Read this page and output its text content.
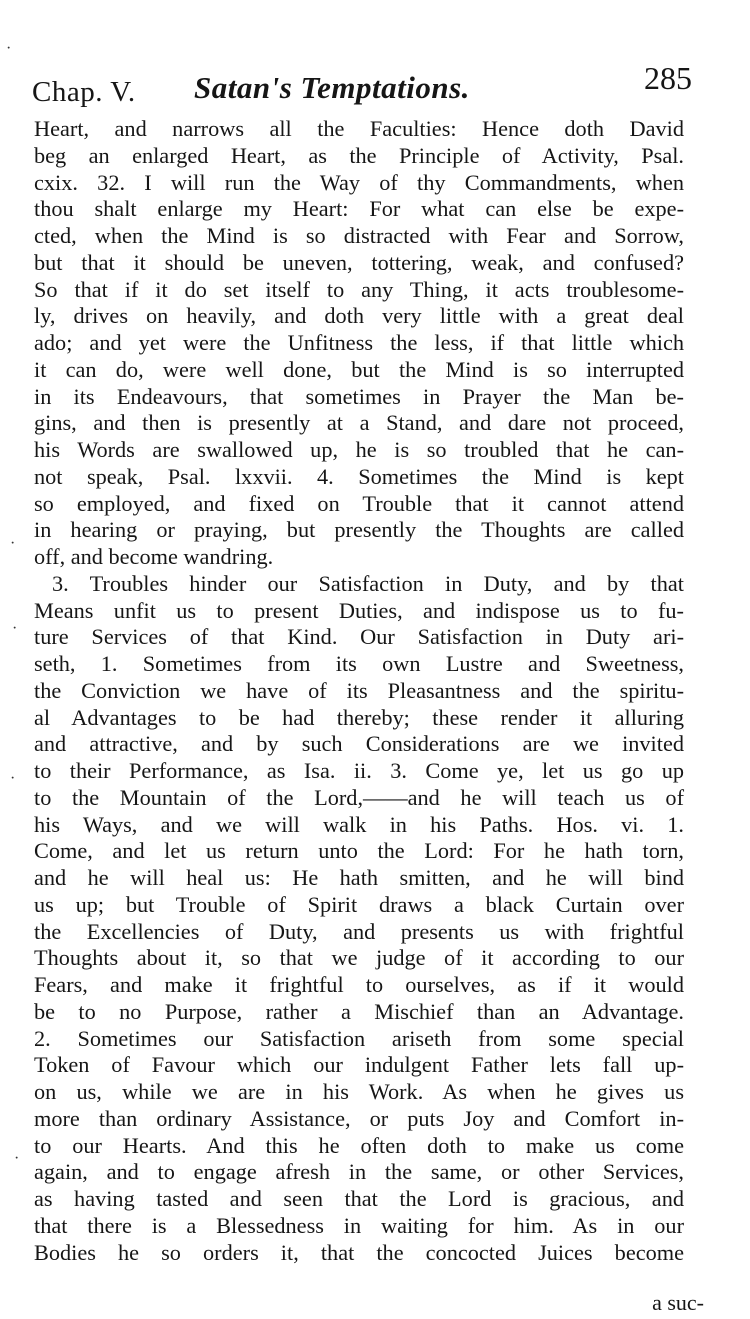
Chap. V. Satan's Temptations.	285
Heart, and narrows all the Faculties: Hence doth David
beg an enlarged Heart, as the Principle of Activity, Psal.
cxix. 32. I will run the Way of thy Commandments, when
thou shalt enlarge my Heart: For what can else be expe-
cted, when the Mind is so distracted with Fear and Sorrow,
but that it should be uneven, tottering, weak, and confused?
So that if it do set itself to any Thing, it acts troublesome-
ly, drives on heavily, and doth very little with a great deal
ado; and yet were the Unfitness the less, if that little which
it can do, were well done, but the Mind is so interrupted
in its Endeavours, that sometimes in Prayer the Man be-
gins, and then is presently at a Stand, and dare not proceed,
his Words are swallowed up, he is so troubled that he can-
not speak, Psal. lxxvii. 4. Sometimes the Mind is kept
so employed, and fixed on Trouble that it cannot attend
in hearing or praying, but presently the Thoughts are called
off, and become wandring.
3. Troubles hinder our Satisfaction in Duty, and by that
Means unfit us to present Duties, and indispose us to fu-
ture Services of that Kind. Our Satisfaction in Duty ari-
seth, 1. Sometimes from its own Lustre and Sweetness,
the Conviction we have of its Pleasantness and the spiritu-
al Advantages to be had thereby; these render it alluring
and attractive, and by such Considerations are we invited
to their Performance, as Isa. ii. 3. Come ye, let us go up
to the Mountain of the Lord,——and he will teach us of
his Ways, and we will walk in his Paths. Hos. vi. 1.
Come, and let us return unto the Lord: For he hath torn,
and he will heal us: He hath smitten, and he will bind
us up; but Trouble of Spirit draws a black Curtain over
the Excellencies of Duty, and presents us with frightful
Thoughts about it, so that we judge of it according to our
Fears, and make it frightful to ourselves, as if it would
be to no Purpose, rather a Mischief than an Advantage.
2. Sometimes our Satisfaction ariseth from some special
Token of Favour which our indulgent Father lets fall up-
on us, while we are in his Work. As when he gives us
more than ordinary Assistance, or puts Joy and Comfort in-
to our Hearts. And this he often doth to make us come
again, and to engage afresh in the same, or other Services,
as having tasted and seen that the Lord is gracious, and
that there is a Blessedness in waiting for him. As in our
Bodies he so orders it, that the concocted Juices become
a suc-
·
·
·
·
·
